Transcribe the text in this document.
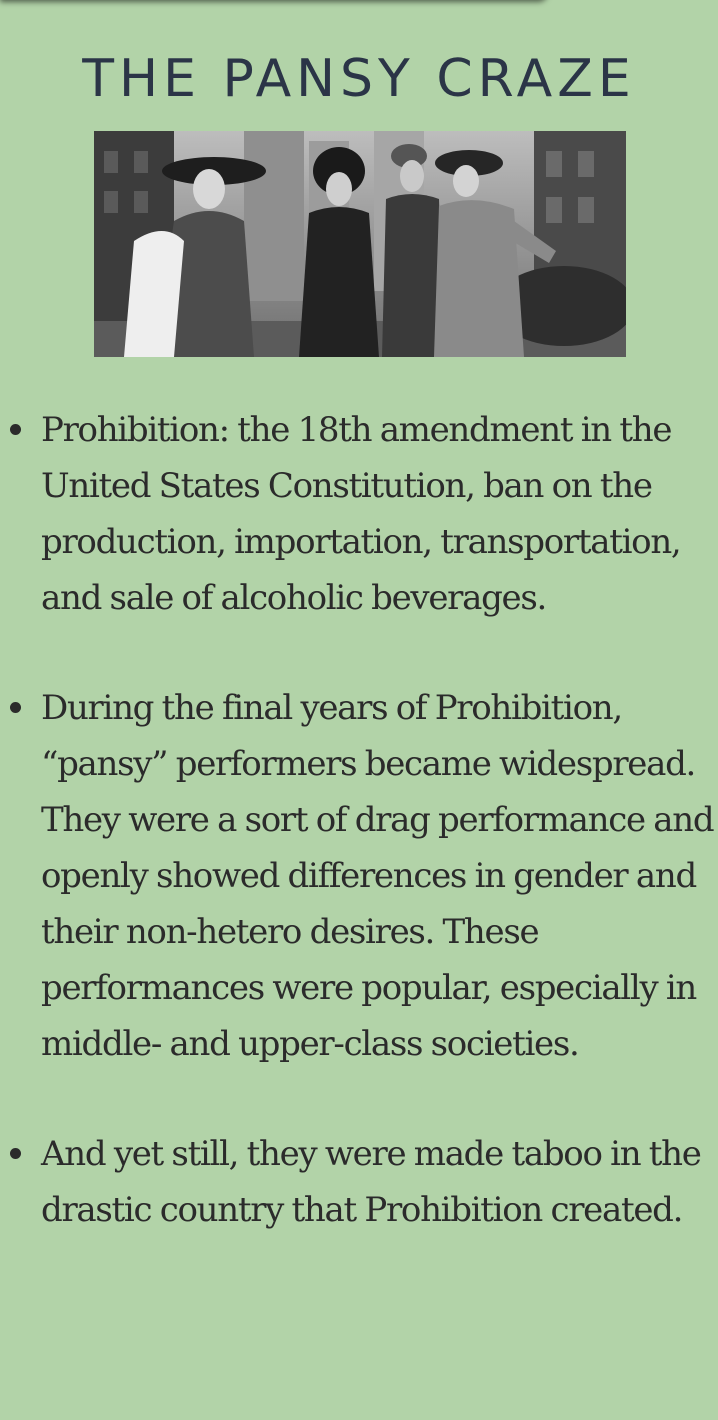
THE PANSY CRAZE
Prohibition: the 18th amendment in the United States Constitution, ban on the production, importation, transportation, and sale of alcoholic beverages.
During the final years of Prohibition, “pansy” performers became widespread. They were a sort of drag performance and openly showed differences in gender and their non-hetero desires. These performances were popular, especially in middle- and upper-class societies.
And yet still, they were made taboo in the drastic country that Prohibition created.
